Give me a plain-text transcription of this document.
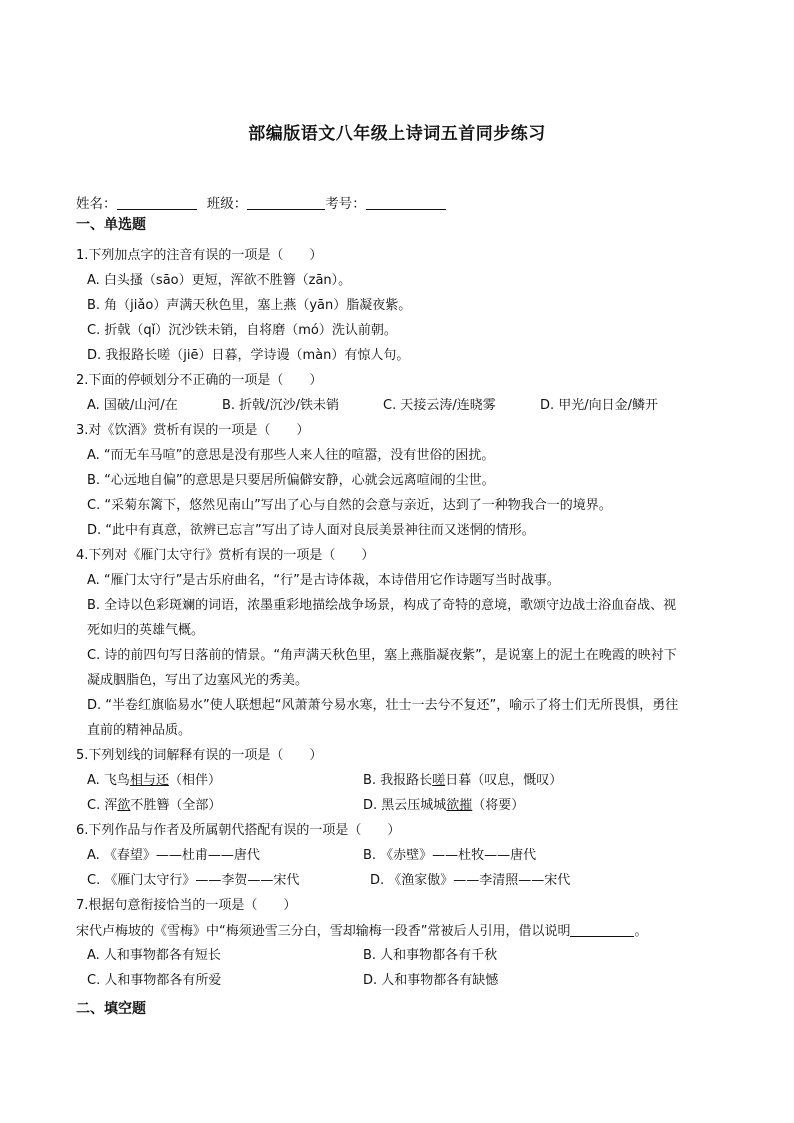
部编版语文八年级上诗词五首同步练习
姓名：	班级：	考号：
一、单选题
1.下列加点字的注音有误的一项是（　　）
A. 白头搔（sāo）更短，浑欲不胜簪（zān）。
B. 角（jiǎo）声满天秋色里，塞上燕（yān）脂凝夜紫。
C. 折戟（qǐ）沉沙铁未销，自将磨（mó）洗认前朝。
D. 我报路长嗟（jiē）日暮，学诗谩（màn）有惊人句。
2.下面的停顿划分不正确的一项是（　　）
A. 国破/山河/在	B. 折戟/沉沙/铁未销	C. 天接云涛/连晓雾	D. 甲光/向日金/鳞开
3.对《饮酒》赏析有误的一项是（　　）
A. “而无车马喧”的意思是没有那些人来人往的喧嚣，没有世俗的困扰。
B. “心远地自偏”的意思是只要居所偏僻安静，心就会远离喧闹的尘世。
C. “采菊东篱下，悠然见南山”写出了心与自然的会意与亲近，达到了一种物我合一的境界。
D. “此中有真意，欲辨已忘言”写出了诗人面对良辰美景神往而又迷惘的情形。
4.下列对《雁门太守行》赏析有误的一项是（　　）
A. “雁门太守行”是古乐府曲名，“行”是古诗体裁，本诗借用它作诗题写当时战事。
B. 全诗以色彩斑斓的词语，浓墨重彩地描绘战争场景，构成了奇特的意境，歌颂守边战士浴血奋战、视
死如归的英雄气概。
C. 诗的前四句写日落前的情景。“角声满天秋色里，塞上燕脂凝夜紫”，是说塞上的泥土在晚霞的映衬下
凝成胭脂色，写出了边塞风光的秀美。
D. “半卷红旗临易水”使人联想起“风萧萧兮易水寒，壮士一去兮不复还”，喻示了将士们无所畏惧，勇往
直前的精神品质。
5.下列划线的词解释有误的一项是（　　）
A. 飞鸟相与还（相伴）	B. 我报路长嗟日暮（叹息，慨叹）
C. 浑欲不胜簪（全部）	D. 黑云压城城欲摧（将要）
6.下列作品与作者及所属朝代搭配有误的一项是（　　）
A. 《春望》——杜甫——唐代	B. 《赤壁》——杜牧——唐代
C. 《雁门太守行》——李贺——宋代	D. 《渔家傲》——李清照——宋代
7.根据句意衔接恰当的一项是（　　）
宋代卢梅坡的《雪梅》中“梅须逊雪三分白，雪却输梅一段香”常被后人引用，借以说明	。
A. 人和事物都各有短长	B. 人和事物都各有千秋
C. 人和事物都各有所爱	D. 人和事物都各有缺憾
二、填空题
